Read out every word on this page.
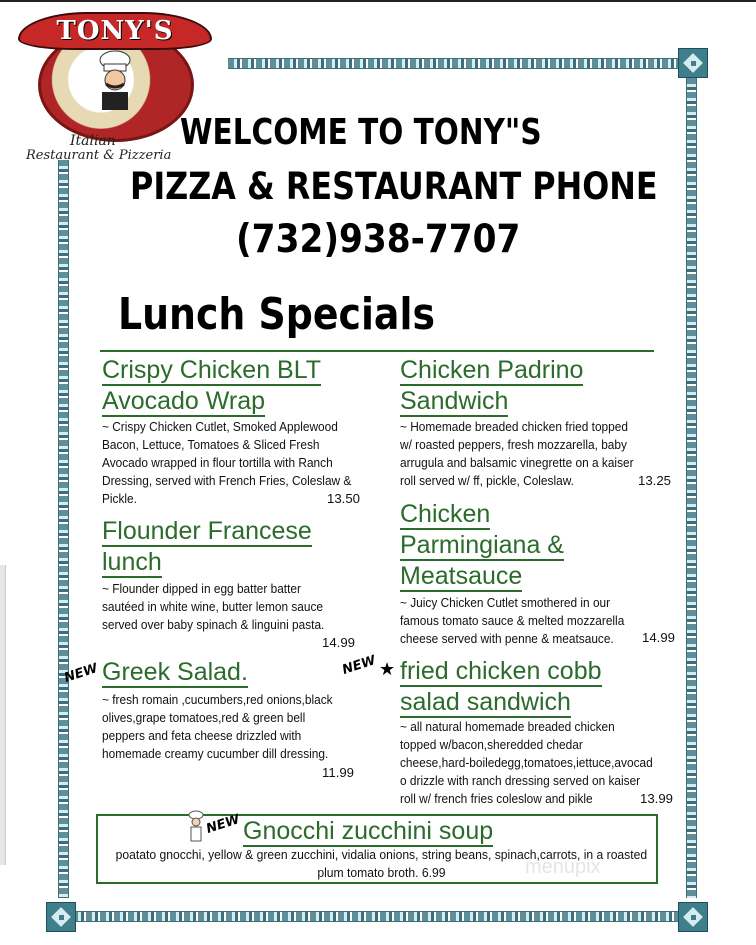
TONY'S
Italian
Restaurant & Pizzeria
WELCOME TO TONY"S
PIZZA & RESTAURANT PHONE
(732)938-7707
Lunch Specials
Crispy Chicken BLT
Avocado Wrap
~ Crispy Chicken Cutlet, Smoked Applewood
Bacon, Lettuce, Tomatoes & Sliced Fresh
Avocado wrapped in flour tortilla with Ranch
Dressing, served with French Fries, Coleslaw &
Pickle.	13.50
Flounder Francese
lunch
~ Flounder dipped in egg batter batter
sautéed in white wine, butter lemon sauce
served over baby spinach & linguini pasta.
14.99
NEW Greek Salad.
~ fresh romain ,cucumbers,red onions,black
olives,grape tomatoes,red & green bell
peppers and feta cheese drizzled with
homemade creamy cucumber dill dressing.
11.99
Chicken Padrino
Sandwich
~ Homemade breaded chicken fried topped
w/ roasted peppers, fresh mozzarella, baby
arrugula and balsamic vinegrette on a kaiser
roll served w/ ff, pickle, Coleslaw.	13.25
Chicken
Parmingiana &
Meatsauce
~ Juicy Chicken Cutlet smothered in our
famous tomato sauce & melted mozzarella
cheese served with penne & meatsauce.	14.99
NEW ★ fried chicken cobb
salad sandwich
~ all natural homemade breaded chicken
topped w/bacon,sheredded chedar
cheese,hard-boiledegg,tomatoes,iettuce,avocad
o drizzle with ranch dressing served on kaiser
roll w/ french fries coleslow and pikle	13.99
NEW Gnocchi zucchini soup
poatato gnocchi, yellow & green zucchini, vidalia onions, string beans, spinach,carrots, in a roasted
plum tomato broth. 6.99	menupix
